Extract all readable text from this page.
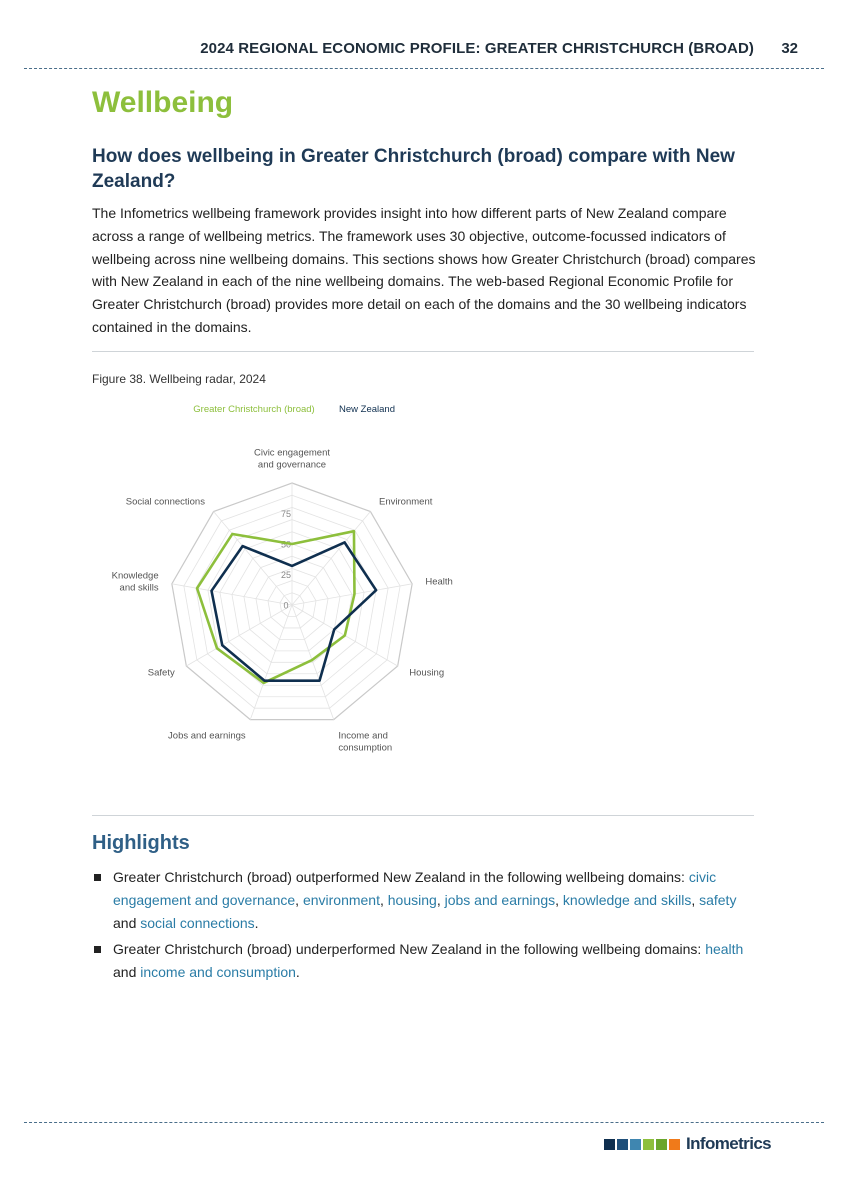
2024 REGIONAL ECONOMIC PROFILE: GREATER CHRISTCHURCH (BROAD) 32
Wellbeing
How does wellbeing in Greater Christchurch (broad) compare with New Zealand?

The Infometrics wellbeing framework provides insight into how different parts of New Zealand compare across a range of wellbeing metrics. The framework uses 30 objective, outcome-focussed indicators of wellbeing across nine wellbeing domains. This sections shows how Greater Christchurch (broad) compares with New Zealand in each of the nine wellbeing domains. The web-based Regional Economic Profile for Greater Christchurch (broad) provides more detail on each of the domains and the 30 wellbeing indicators contained in the domains.

Figure 38. Wellbeing radar, 2024
0
25
50
75
Civic engagement and governance
Environment
Health
Housing
Income and consumption
Jobs and earnings
Safety
Knowledge and skills
Social connections
Greater Christchurch (broad)	New Zealand
Highlights
Greater Christchurch (broad) outperformed New Zealand in the following wellbeing domains: civic engagement and governance, environment, housing, jobs and earnings, knowledge and skills, safety and social connections.
Greater Christchurch (broad) underperformed New Zealand in the following wellbeing domains: health and income and consumption.
Infometrics
